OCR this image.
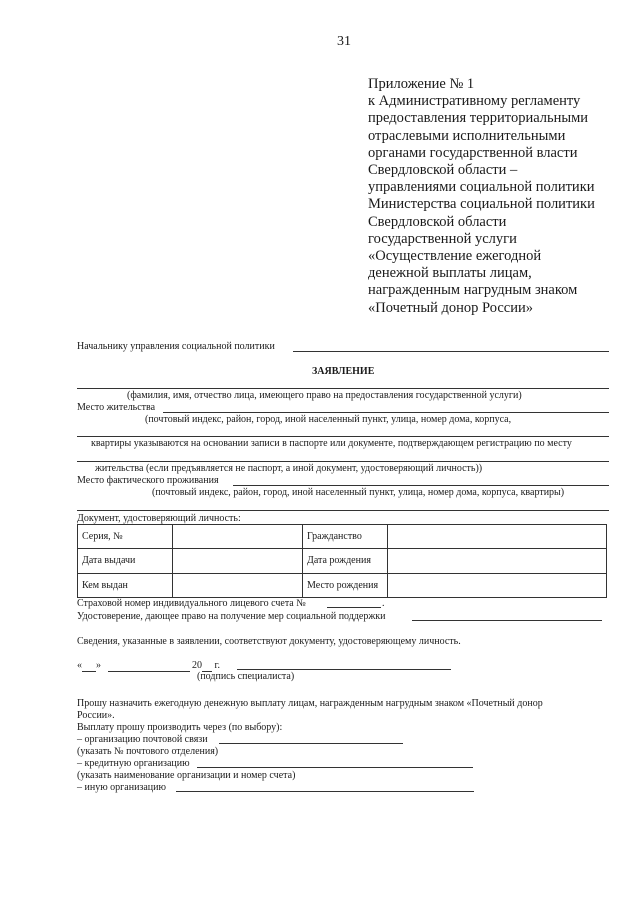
31
Приложение № 1
к Административному регламенту
предоставления территориальными
отраслевыми исполнительными
органами государственной власти
Свердловской области –
управлениями социальной политики
Министерства социальной политики
Свердловской области
государственной услуги
«Осуществление ежегодной
денежной выплаты лицам,
награжденным нагрудным знаком
«Почетный донор России»
Начальнику управления социальной политики
ЗАЯВЛЕНИЕ
(фамилия, имя, отчество лица, имеющего право на предоставления государственной услуги)
Место жительства
(почтовый индекс, район, город, иной населенный пункт, улица, номер дома, корпуса,
квартиры указываются на основании записи в паспорте или документе, подтверждающем регистрацию по месту
жительства (если предъявляется не паспорт, а иной документ, удостоверяющий личность))
Место фактического проживания
(почтовый индекс, район, город, иной населенный пункт, улица, номер дома, корпуса, квартиры)
Документ, удостоверяющий личность:
Серия, №		Гражданство	
Дата выдачи		Дата рождения	
Кем выдан		Место рождения	
Страховой номер индивидуального лицевого счета №	.
Удостоверение, дающее право на получение мер социальной поддержки
Сведения, указанные в заявлении, соответствуют документу, удостоверяющему личность.
« »	20 г.
(подпись специалиста)
Прошу назначить ежегодную денежную выплату лицам, награжденным нагрудным знаком «Почетный донор
России».
Выплату прошу производить через (по выбору):
– организацию почтовой связи
(указать № почтового отделения)
– кредитную организацию
(указать наименование организации и номер счета)
– иную организацию
